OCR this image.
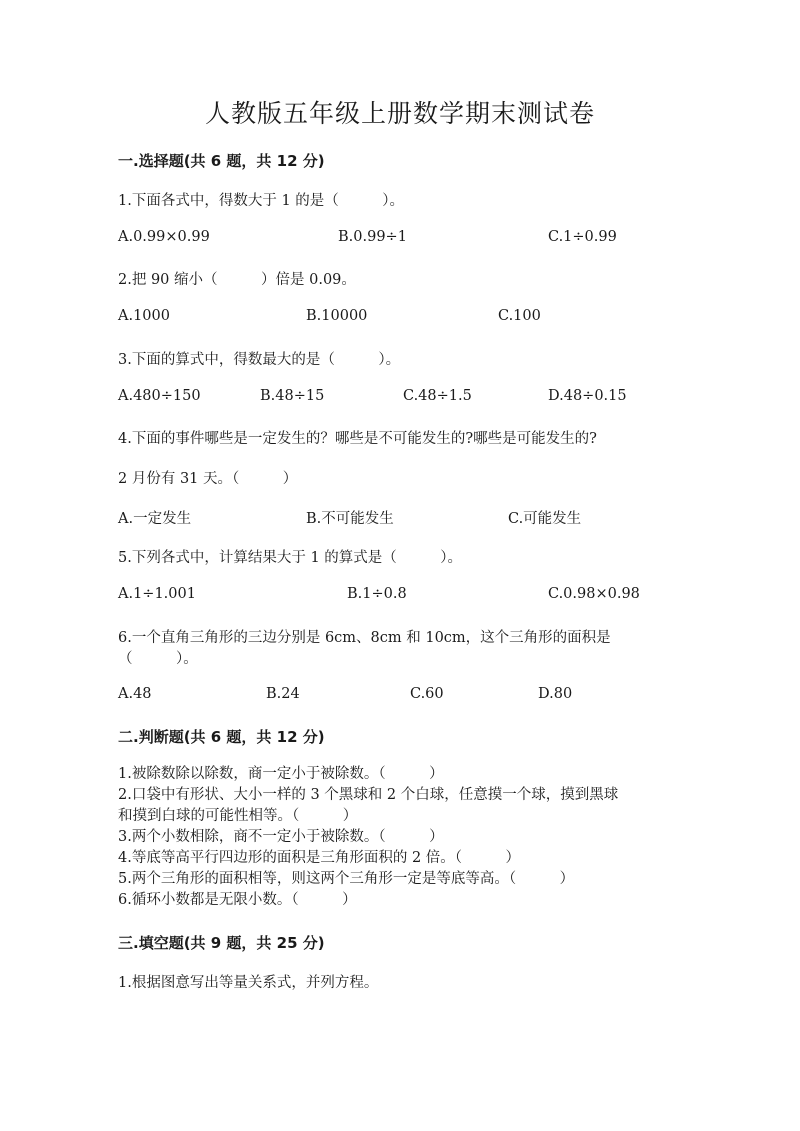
人教版五年级上册数学期末测试卷
一.选择题(共 6 题，共 12 分)
1.下面各式中，得数大于 1 的是（　　　）。
A.0.99×0.99	B.0.99÷1	C.1÷0.99
2.把 90 缩小（　　　）倍是 0.09。
A.1000	B.10000	C.100
3.下面的算式中，得数最大的是（　　　）。
A.480÷150	B.48÷15	C.48÷1.5	D.48÷0.15
4.下面的事件哪些是一定发生的？哪些是不可能发生的?哪些是可能发生的?
2 月份有 31 天。（　　　）
A.一定发生	B.不可能发生	C.可能发生
5.下列各式中，计算结果大于 1 的算式是（　　　）。
A.1÷1.001	B.1÷0.8	C.0.98×0.98
6.一个直角三角形的三边分别是 6cm、8cm 和 10cm，这个三角形的面积是
（　　　）。
A.48	B.24	C.60	D.80
二.判断题(共 6 题，共 12 分)
1.被除数除以除数，商一定小于被除数。（　　　）
2.口袋中有形状、大小一样的 3 个黑球和 2 个白球，任意摸一个球，摸到黑球
和摸到白球的可能性相等。（　　　）
3.两个小数相除，商不一定小于被除数。（　　　）
4.等底等高平行四边形的面积是三角形面积的 2 倍。（　　　）
5.两个三角形的面积相等，则这两个三角形一定是等底等高。（　　　）
6.循环小数都是无限小数。（　　　）
三.填空题(共 9 题，共 25 分)
1.根据图意写出等量关系式，并列方程。
